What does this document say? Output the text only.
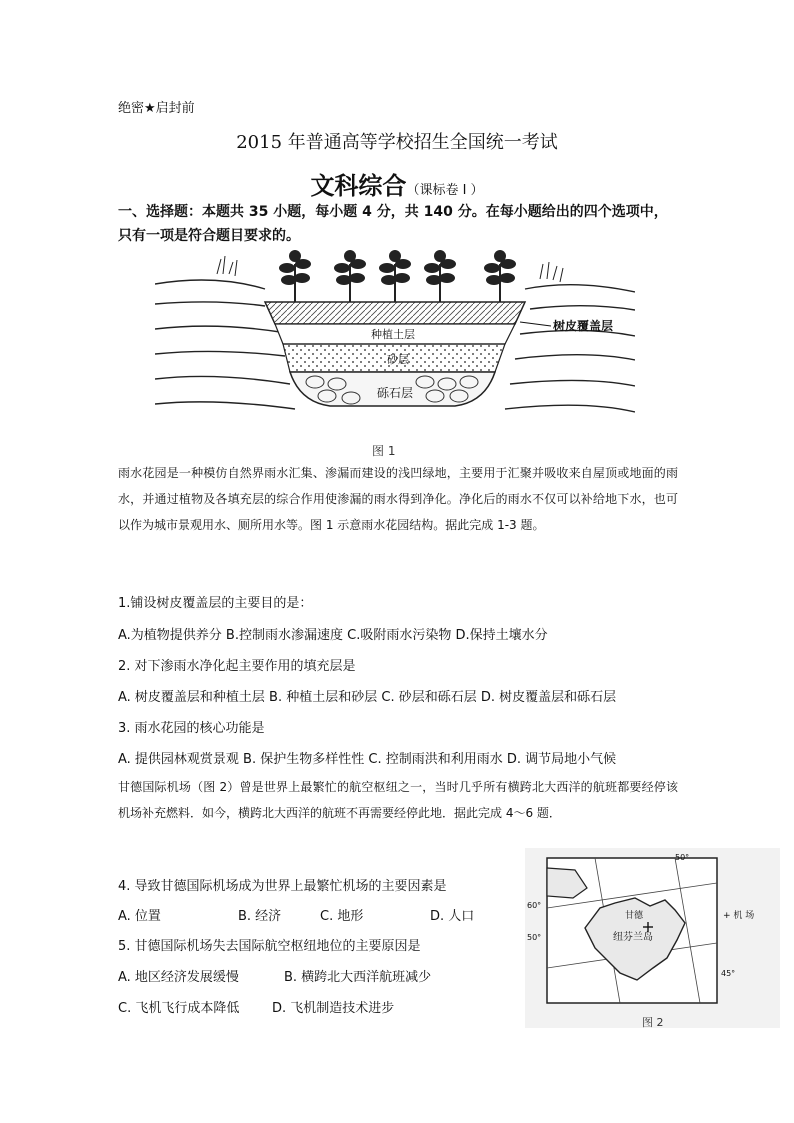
绝密★启封前
2015 年普通高等学校招生全国统一考试
文科综合（课标卷 I ）
一、选择题：本题共 35 小题，每小题 4 分，共 140 分。在每小题给出的四个选项中，只有一项是符合题目要求的。
种植土层
砂层
砾石层
树皮覆盖层
图 1
雨水花园是一种模仿自然界雨水汇集、渗漏而建设的浅凹绿地，主要用于汇聚并吸收来自屋顶或地面的雨水，并通过植物及各填充层的综合作用使渗漏的雨水得到净化。净化后的雨水不仅可以补给地下水，也可以作为城市景观用水、厕所用水等。图 1 示意雨水花园结构。据此完成 1-3 题。
1.铺设树皮覆盖层的主要目的是：
A.为植物提供养分 B.控制雨水渗漏速度 C.吸附雨水污染物 D.保持土壤水分
2. 对下渗雨水净化起主要作用的填充层是
A. 树皮覆盖层和种植土层 B. 种植土层和砂层 C. 砂层和砾石层 D. 树皮覆盖层和砾石层
3. 雨水花园的核心功能是
A. 提供园林观赏景观 B. 保护生物多样性性 C. 控制雨洪和利用雨水 D. 调节局地小气候
甘德国际机场（图 2）曾是世界上最繁忙的航空枢纽之一，当时几乎所有横跨北大西洋的航班都要经停该机场补充燃料．如今，横跨北大西洋的航班不再需要经停此地．据此完成 4～6 题．
4. 导致甘德国际机场成为世界上最繁忙机场的主要因素是
A. 位置	B. 经济	C. 地形	D. 人口
5. 甘德国际机场失去国际航空枢纽地位的主要原因是
A. 地区经济发展缓慢	B. 横跨北大西洋航班减少
C. 飞机飞行成本降低	D. 飞机制造技术进步
甘德
纽芬兰岛
50°
60°
50°
45°
+ 机 场
图 2
